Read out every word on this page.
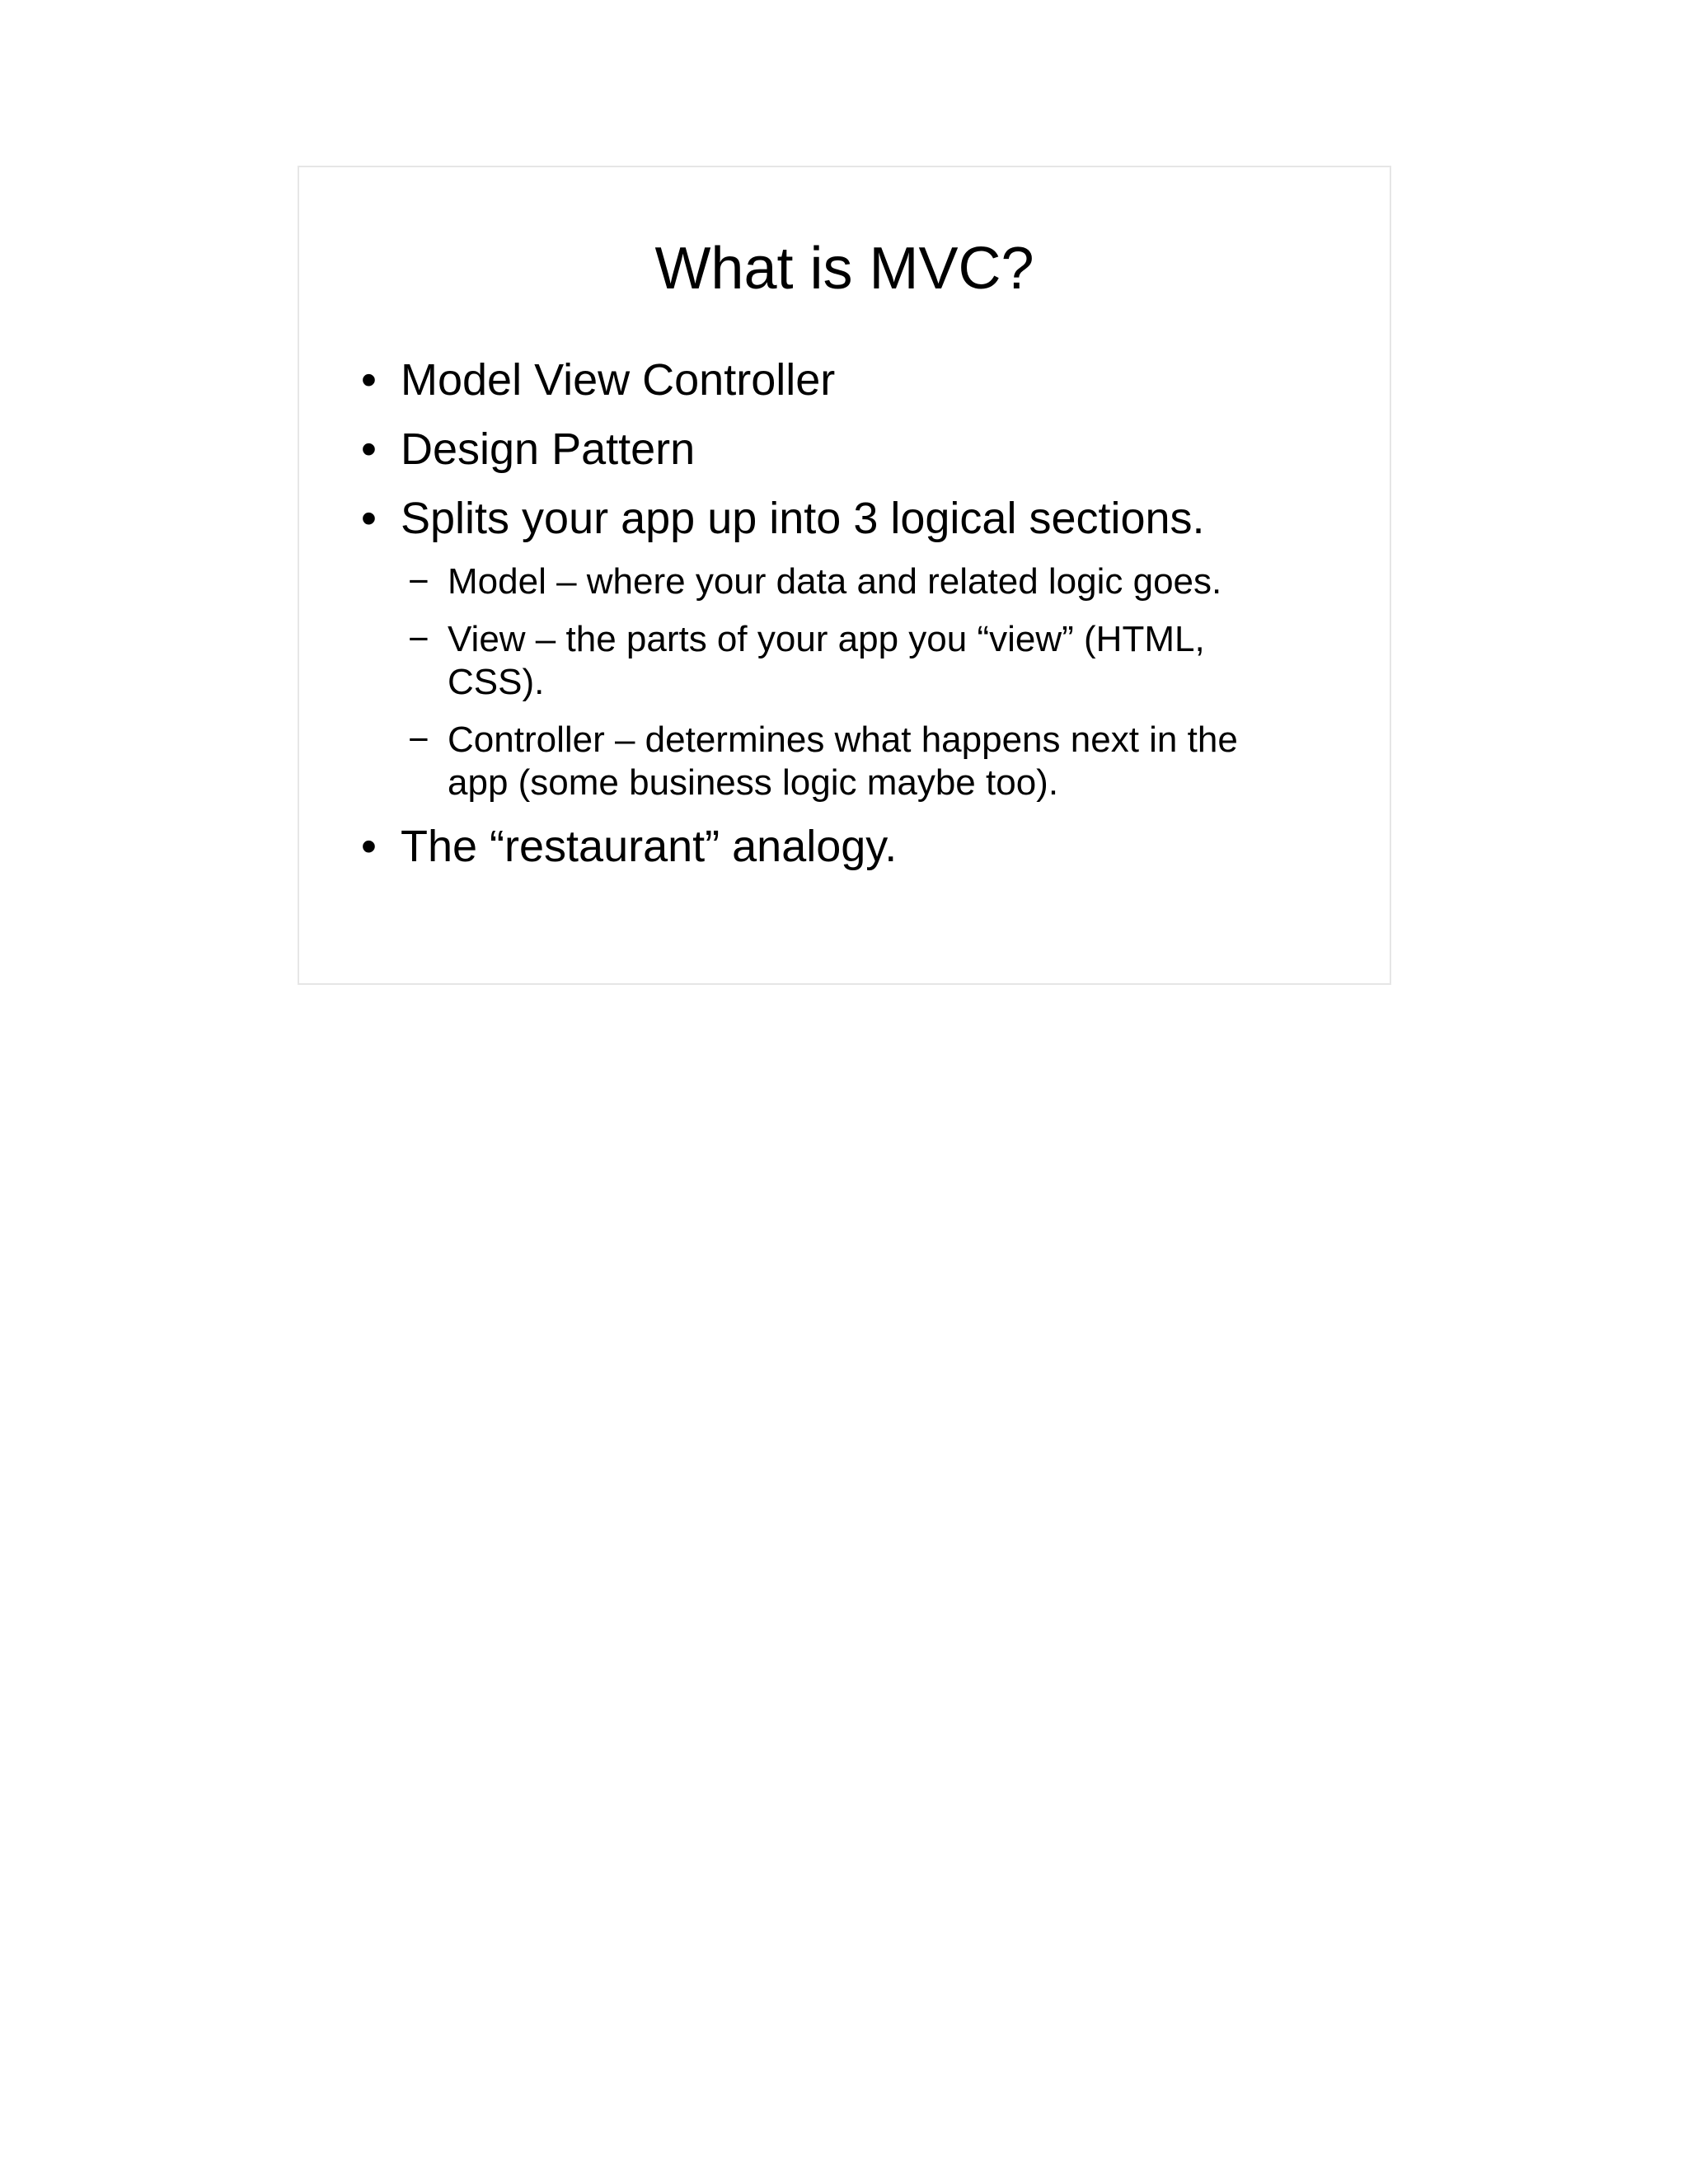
What is MVC?
• Model View Controller
• Design Pattern
• Splits your app up into 3 logical sections.
− Model – where your data and related logic goes.
− View – the parts of your app you “view” (HTML, CSS).
− Controller – determines what happens next in the app (some business logic maybe too).
• The “restaurant” analogy.
